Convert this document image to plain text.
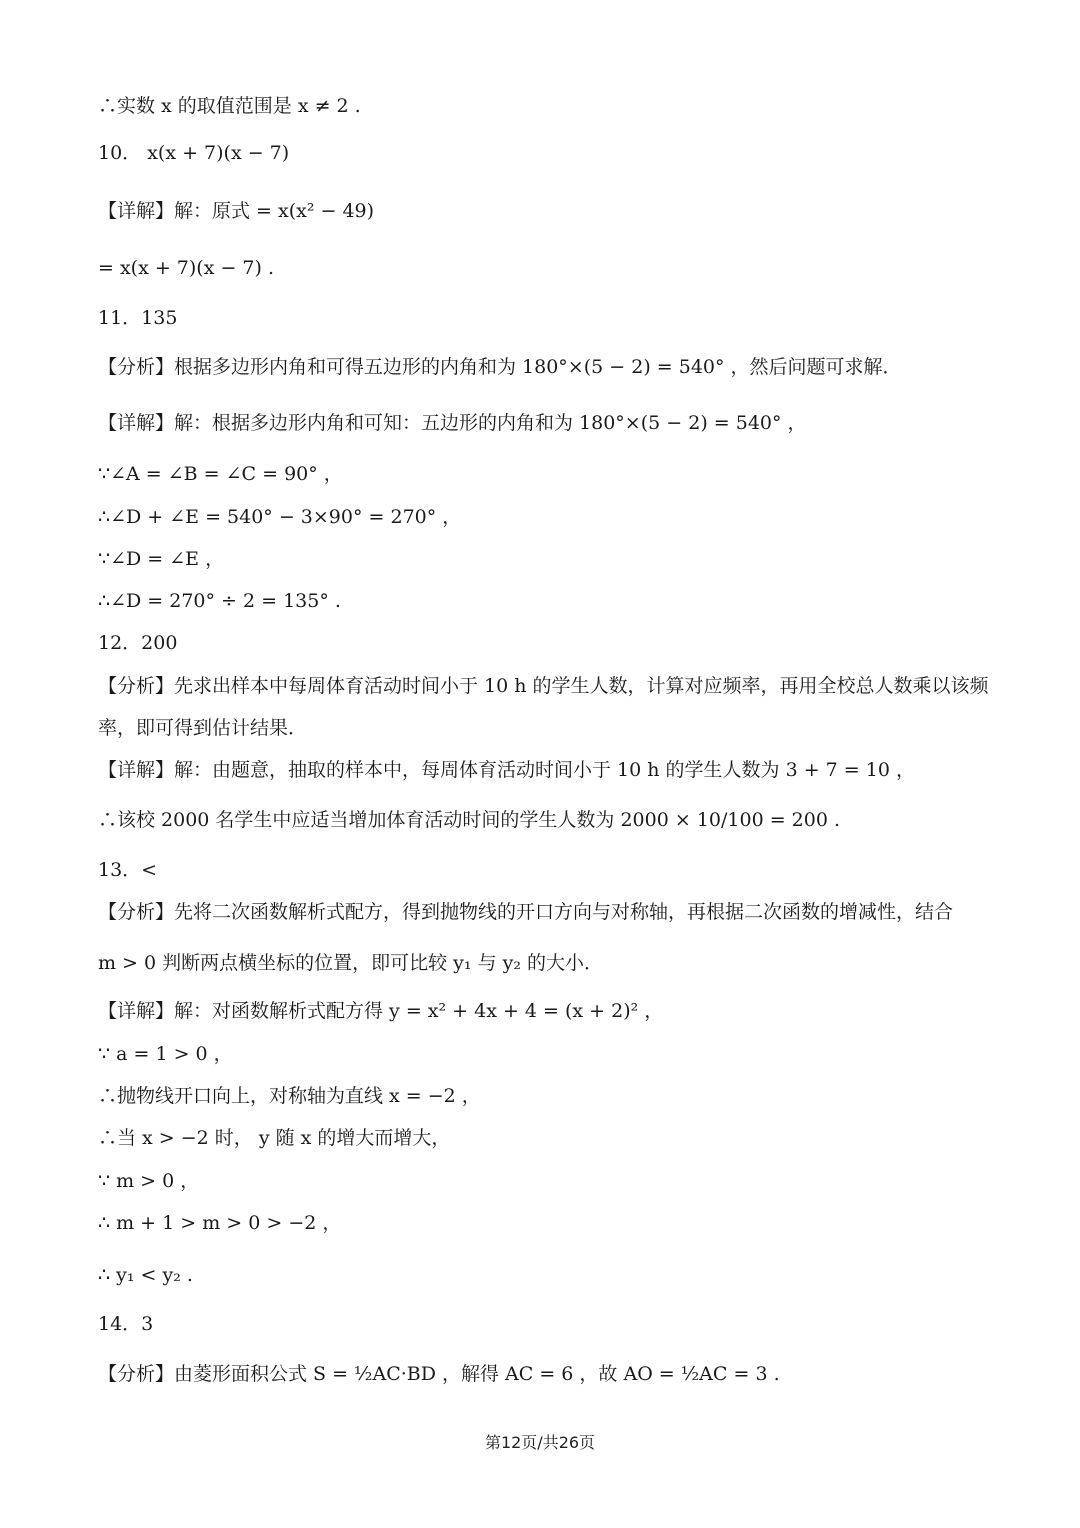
∴实数 x 的取值范围是 x ≠ 2 .
10． x(x + 7)(x − 7)
【详解】解：原式 = x(x² − 49)
= x(x + 7)(x − 7) .
11．135
【分析】根据多边形内角和可得五边形的内角和为 180°×(5 − 2) = 540° ，然后问题可求解．
【详解】解：根据多边形内角和可知：五边形的内角和为 180°×(5 − 2) = 540° ，
∵∠A = ∠B = ∠C = 90° ，
∴∠D + ∠E = 540° − 3×90° = 270° ，
∵∠D = ∠E ，
∴∠D = 270° ÷ 2 = 135° .
12．200
【分析】先求出样本中每周体育活动时间小于 10 h 的学生人数，计算对应频率，再用全校总人数乘以该频
率，即可得到估计结果．
【详解】解：由题意，抽取的样本中，每周体育活动时间小于 10 h 的学生人数为 3 + 7 = 10 ，
∴该校 2000 名学生中应适当增加体育活动时间的学生人数为 2000 × 10/100 = 200 .
13．<
【分析】先将二次函数解析式配方，得到抛物线的开口方向与对称轴，再根据二次函数的增减性，结合
m > 0 判断两点横坐标的位置，即可比较 y₁ 与 y₂ 的大小．
【详解】解：对函数解析式配方得 y = x² + 4x + 4 = (x + 2)² ，
∵ a = 1 > 0 ，
∴抛物线开口向上，对称轴为直线 x = −2 ，
∴当 x > −2 时， y 随 x 的增大而增大，
∵ m > 0 ，
∴ m + 1 > m > 0 > −2 ，
∴ y₁ < y₂ .
14．3
【分析】由菱形面积公式 S = ½AC·BD ，解得 AC = 6 ，故 AO = ½AC = 3 .
第12页/共26页
